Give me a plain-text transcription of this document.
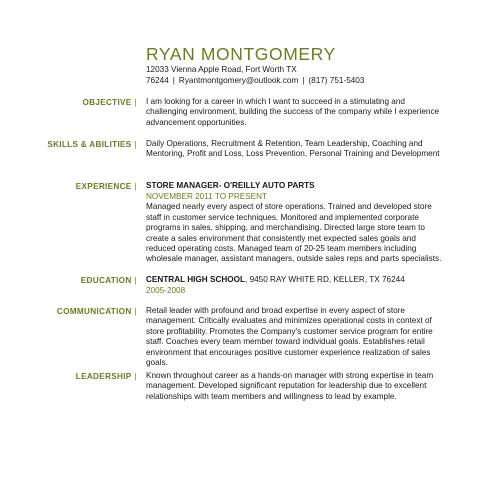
RYAN MONTGOMERY
12033 Vienna Apple Road, Fort Worth TX
76244 | Ryantmontgomery@outlook.com | (817) 751-5403
OBJECTIVE | I am looking for a career in which I want to succeed in a stimulating and challenging environment, building the success of the company while I experience advancement opportunities.

SKILLS & ABILITIES | Daily Operations, Recruitment & Retention, Team Leadership, Coaching and Mentoring, Profit and Loss, Loss Prevention, Personal Training and Development

EXPERIENCE | STORE MANAGER- O'REILLY AUTO PARTS

NOVEMBER 2011 TO PRESENT

Managed nearly every aspect of store operations. Trained and developed store staff in customer service techniques. Monitored and implemented corporate programs in sales, shipping, and merchandising. Directed large store team to create a sales environment that consistently met expected sales goals and reduced operating costs. Managed team of 20-25 team members including wholesale manager, assistant managers, outside sales reps and parts specialists.

EDUCATION | CENTRAL HIGH SCHOOL, 9450 RAY WHITE RD, KELLER, TX 76244

2005-2008

COMMUNICATION | Retail leader with profound and broad expertise in every aspect of store management. Critically evaluates and minimizes operational costs in context of store profitability. Promotes the Company's customer service program for entire staff. Coaches every team member toward individual goals. Establishes retail environment that encourages positive customer experience realization of sales goals.

LEADERSHIP | Known throughout career as a hands-on manager with strong expertise in team management. Developed significant reputation for leadership due to excellent relationships with team members and willingness to lead by example.
